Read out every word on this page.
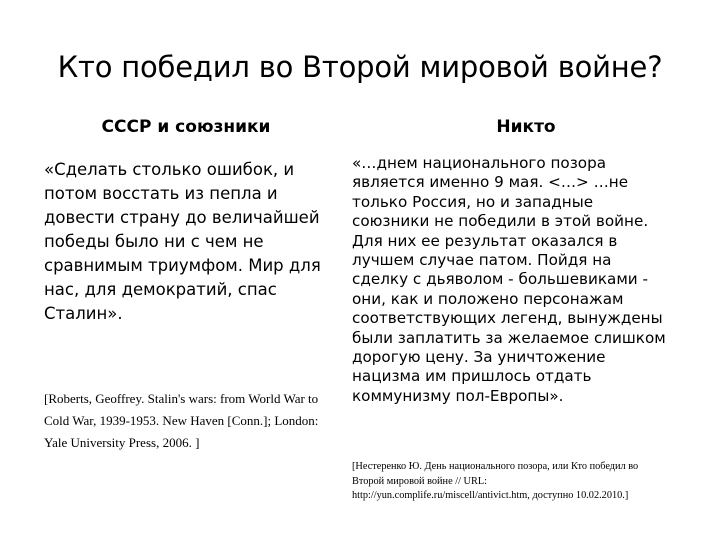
Кто победил во Второй мировой войне?
СССР и союзники	Никто
«Сделать столько ошибок, и потом восстать из пепла и довести страну до величайшей победы было ни с чем не сравнимым триумфом. Мир для нас, для демократий, спас Сталин».
[Roberts, Geoffrey. Stalin's wars: from World War to Cold War, 1939-1953. New Haven [Conn.]; London: Yale University Press, 2006. ]
«…днем национального позора является именно 9 мая. <…> …не только Россия, но и западные союзники не победили в этой войне. Для них ее результат оказался в лучшем случае патом. Пойдя на сделку с дьяволом - большевиками - они, как и положено персонажам соответствующих легенд, вынуждены были заплатить за желаемое слишком дорогую цену. За уничтожение нацизма им пришлось отдать коммунизму пол-Европы».
[Нестеренко Ю. День национального позора, или Кто победил во Второй мировой войне // URL: http://yun.complife.ru/miscell/antivict.htm, доступно 10.02.2010.]
